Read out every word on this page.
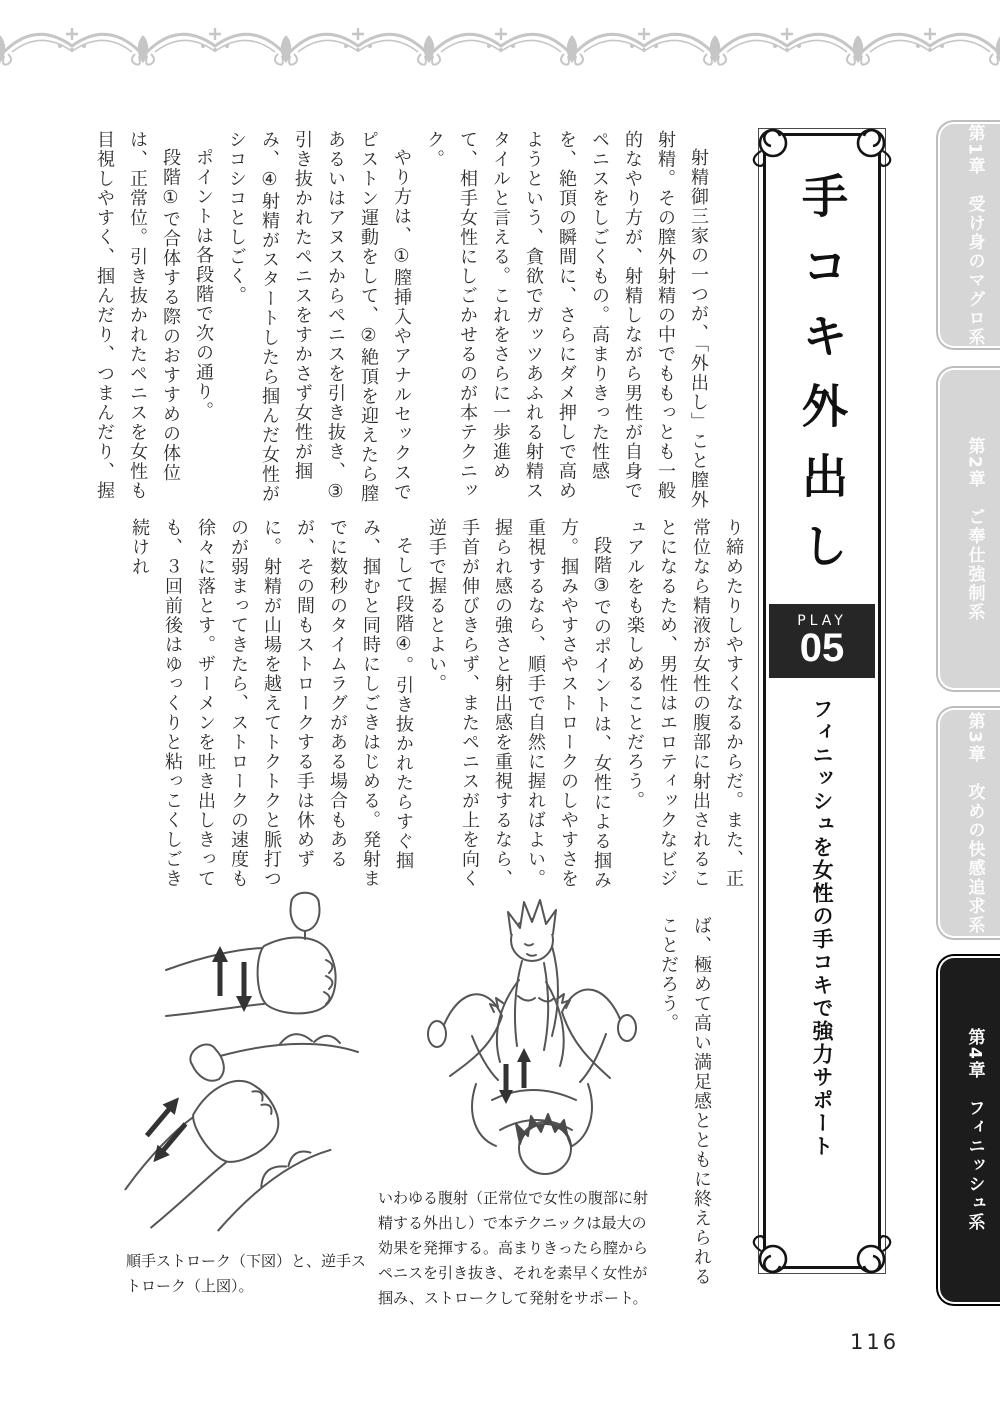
第1章　受け身のマグロ系
第2章　ご奉仕強制系
第3章　攻めの快感追求系
第4章　フィニッシュ系
手コキ外出し
PLAY
05
フィニッシュを女性の手コキで強力サポート

射精御三家の一つが、「外出し」こと膣外射精。その膣外射精の中でももっとも一般的なやり方が、射精しながら男性が自身でペニスをしごくもの。高まりきった性感を、絶頂の瞬間に、さらにダメ押しで高めようという、貪欲でガッツあふれる射精スタイルと言える。これをさらに一歩進めて、相手女性にしごかせるのが本テクニック。

やり方は、①膣挿入やアナルセックスでピストン運動をして、②絶頂を迎えたら膣あるいはアヌスからペニスを引き抜き、③引き抜かれたペニスをすかさず女性が掴み、④射精がスタートしたら掴んだ女性がシコシコとしごく。

ポイントは各段階で次の通り。

段階①で合体する際のおすすめの体位は、正常位。引き抜かれたペニスを女性も目視しやすく、掴んだり、つまんだり、握

り締めたりしやすくなるからだ。また、正常位なら精液が女性の腹部に射出されることになるため、男性はエロティックなビジュアルをも楽しめることだろう。

段階③でのポイントは、女性による掴み方。掴みやすさやストロークのしやすさを重視するなら、順手で自然に握ればよい。握られ感の強さと射出感を重視するなら、手首が伸びきらず、またペニスが上を向く逆手で握るとよい。

そして段階④。引き抜かれたらすぐ掴み、掴むと同時にしごきはじめる。発射までに数秒のタイムラグがある場合もあるが、その間もストロークする手は休めずに。射精が山場を越えてトクトクと脈打つのが弱まってきたら、ストロークの速度も徐々に落とす。ザーメンを吐き出しきっても、３回前後はゆっくりと粘っこくしごき続けれ

ば、極めて高い満足感とともに終えられることだろう。

いわゆる腹射（正常位で女性の腹部に射精する外出し）で本テクニックは最大の効果を発揮する。高まりきったら膣からペニスを引き抜き、それを素早く女性が掴み、ストロークして発射をサポート。
順手ストローク（下図）と、逆手ストローク（上図）。
116
